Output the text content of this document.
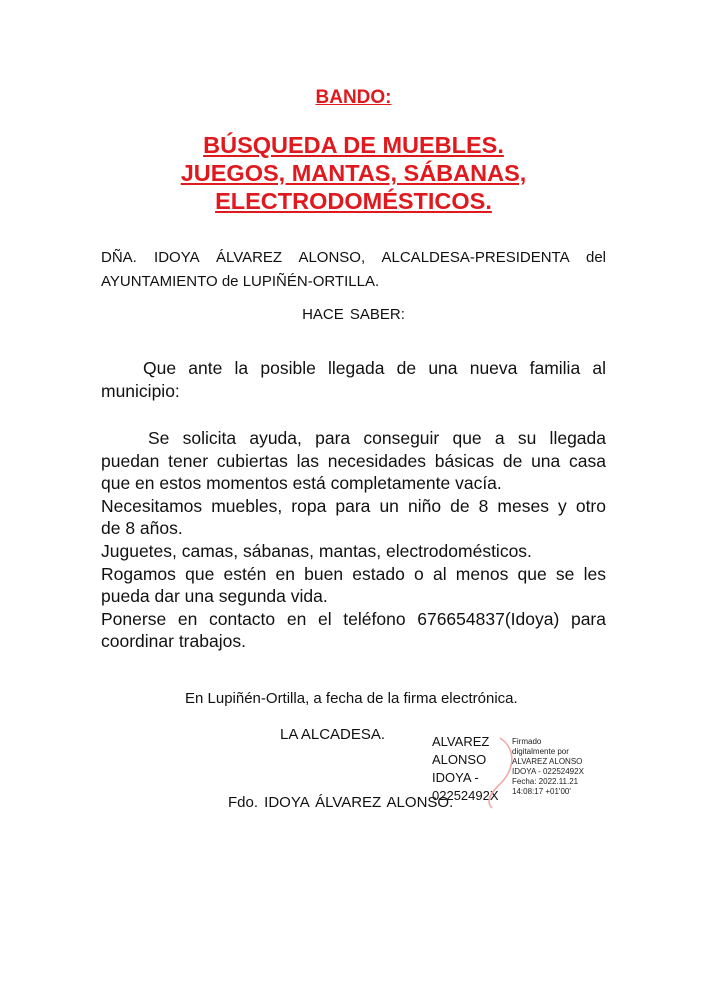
BANDO:
BÚSQUEDA DE MUEBLES.
JUEGOS, MANTAS, SÁBANAS,
ELECTRODOMÉSTICOS.
DÑA. IDOYA ÁLVAREZ ALONSO, ALCALDESA-PRESIDENTA del
AYUNTAMIENTO de LUPIÑÉN-ORTILLA.
HACE SABER:
Que ante la posible llegada de una nueva familia al
municipio:
Se solicita ayuda, para conseguir que a su llegada
puedan tener cubiertas las necesidades básicas de una casa
que en estos momentos está completamente vacía.
Necesitamos muebles, ropa para un niño de 8 meses y otro
de 8 años.
Juguetes, camas, sábanas, mantas, electrodomésticos.
Rogamos que estén en buen estado o al menos que se les
pueda dar una segunda vida.
Ponerse en contacto en el teléfono 676654837(Idoya) para
coordinar trabajos.
En Lupiñén-Ortilla, a fecha de la firma electrónica.
LA ALCADESA.	ALVAREZ
ALONSO
IDOYA -
02252492X
Firmado
digitalmente por
ALVAREZ ALONSO
IDOYA - 02252492X
Fecha: 2022.11.21
14:08:17 +01'00'
Fdo. IDOYA ÁLVAREZ ALONSO.
